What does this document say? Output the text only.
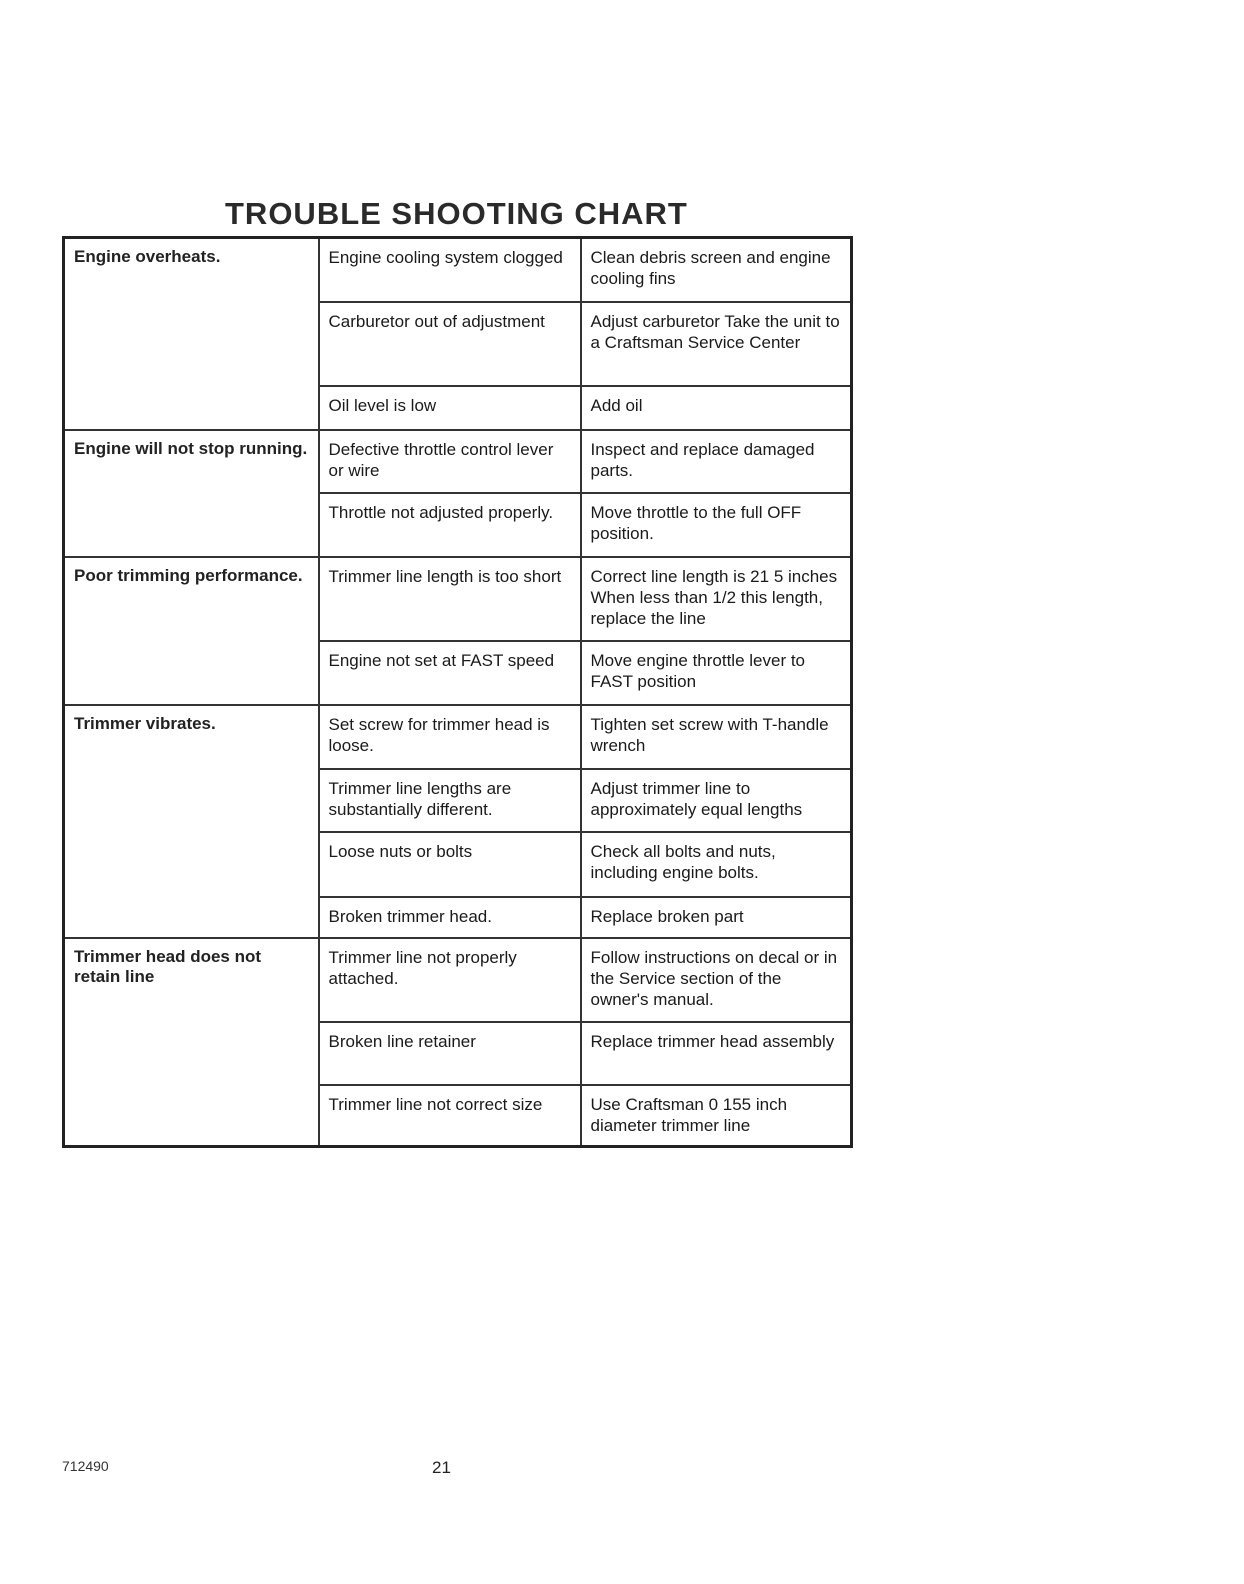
TROUBLE SHOOTING CHART
Engine overheats.	Engine cooling system clogged	Clean debris screen and engine cooling fins

	Carburetor out of adjustment	Adjust carburetor Take the unit to a Craftsman Service Center

	Oil level is low	Add oil

Engine will not stop running.	Defective throttle control lever or wire	Inspect and replace damaged parts.

	Throttle not adjusted properly.	Move throttle to the full OFF position.

Poor trimming performance.	Trimmer line length is too short	Correct line length is 21 5 inches When less than 1/2 this length, replace the line

	Engine not set at FAST speed	Move engine throttle lever to FAST position

Trimmer vibrates.	Set screw for trimmer head is loose.	Tighten set screw with T-handle wrench

	Trimmer line lengths are substantially different.	Adjust trimmer line to approximately equal lengths

	Loose nuts or bolts	Check all bolts and nuts, including engine bolts.

	Broken trimmer head.	Replace broken part

Trimmer head does not retain line	Trimmer line not properly attached.	Follow instructions on decal or in the Service section of the owner's manual.

	Broken line retainer	Replace trimmer head assembly

	Trimmer line not correct size	Use Craftsman 0 155 inch diameter trimmer line
712490	21
